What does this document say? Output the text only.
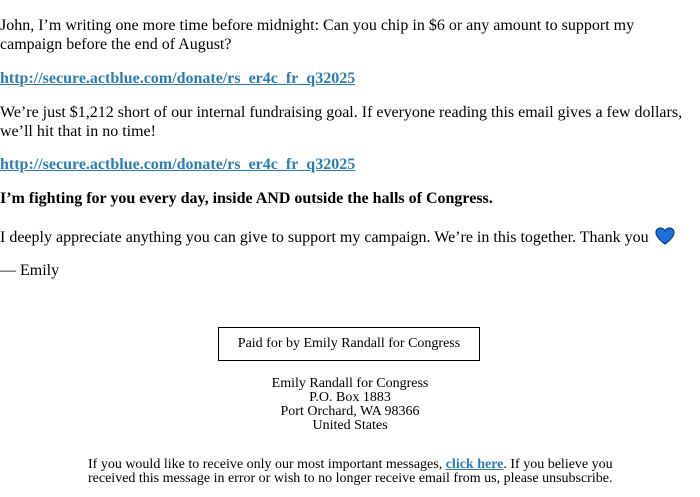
John, I’m writing one more time before midnight: Can you chip in $6 or any amount to support my campaign before the end of August?

http://secure.actblue.com/donate/rs_er4c_fr_q32025

We’re just $1,212 short of our internal fundraising goal. If everyone reading this email gives a few dollars, we’ll hit that in no time!

http://secure.actblue.com/donate/rs_er4c_fr_q32025

I’m fighting for you every day, inside AND outside the halls of Congress.

I deeply appreciate anything you can give to support my campaign. We’re in this together. Thank you

— Emily

Paid for by Emily Randall for Congress
Emily Randall for Congress
P.O. Box 1883
Port Orchard, WA 98366
United States
If you would like to receive only our most important messages, click here. If you believe you received this message in error or wish to no longer receive email from us, please unsubscribe.
